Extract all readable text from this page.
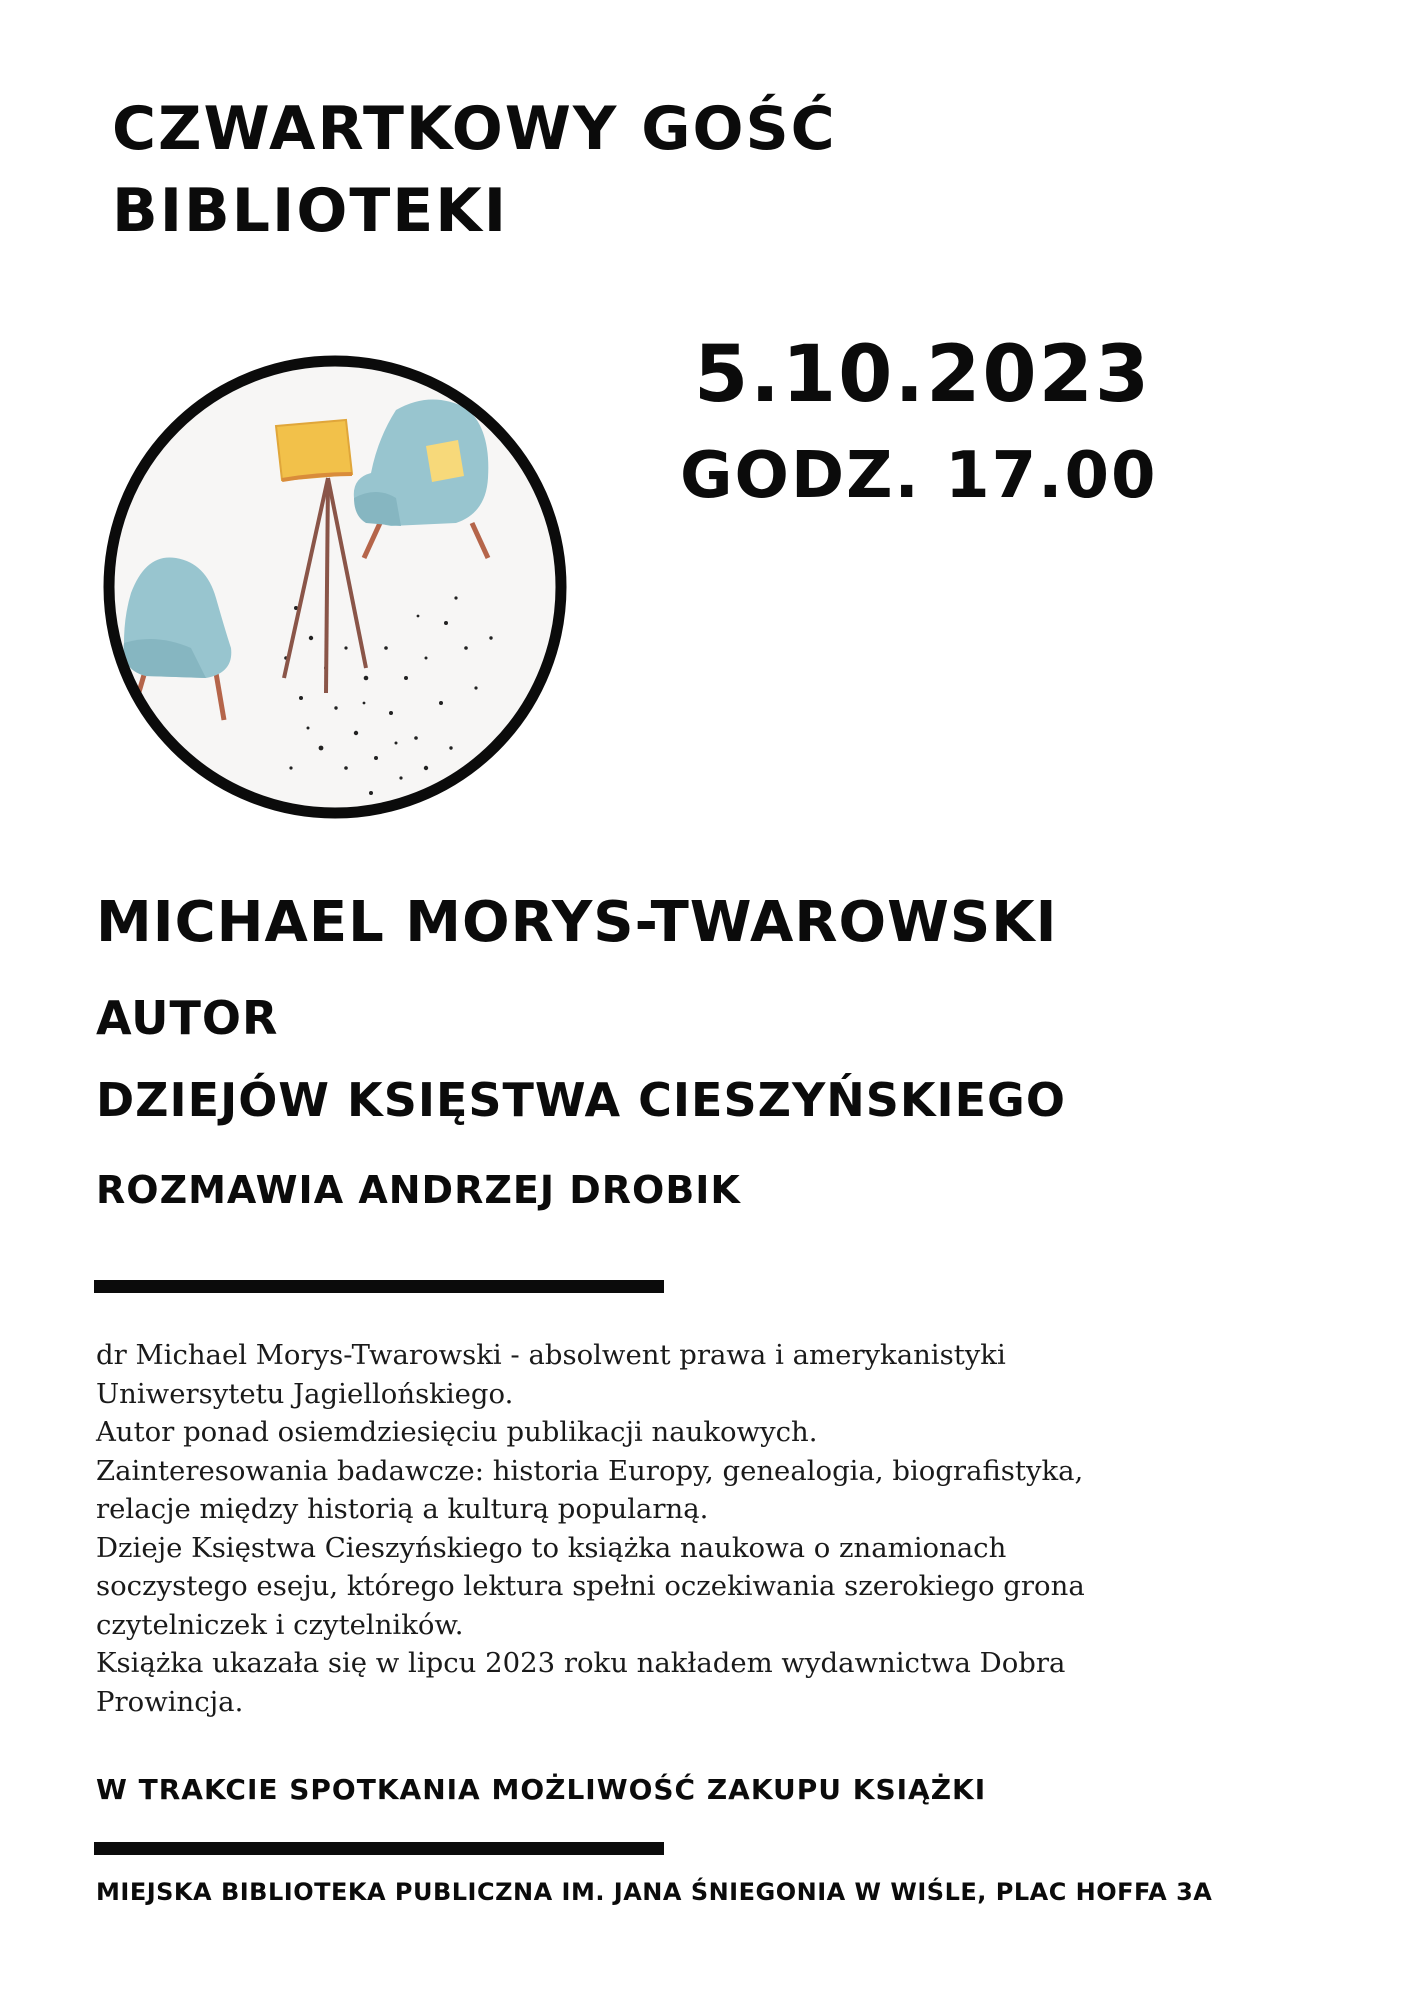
CZWARTKOWY GOŚĆ
BIBLIOTEKI
5.10.2023
GODZ. 17.00
MICHAEL MORYS-TWAROWSKI
AUTOR
DZIEJÓW KSIĘSTWA CIESZYŃSKIEGO
ROZMAWIA ANDRZEJ DROBIK

dr Michael Morys-Twarowski - absolwent prawa i amerykanistyki

Uniwersytetu Jagiellońskiego.

Autor ponad osiemdziesięciu publikacji naukowych.

Zainteresowania badawcze: historia Europy, genealogia, biografistyka,

relacje między historią a kulturą popularną.

Dzieje Księstwa Cieszyńskiego to książka naukowa o znamionach

soczystego eseju, którego lektura spełni oczekiwania szerokiego grona

czytelniczek i czytelników.

Książka ukazała się w lipcu 2023 roku nakładem wydawnictwa Dobra

Prowincja.

W TRAKCIE SPOTKANIA MOŻLIWOŚĆ ZAKUPU KSIĄŻKI
MIEJSKA BIBLIOTEKA PUBLICZNA IM. JANA ŚNIEGONIA W WIŚLE, PLAC HOFFA 3A
